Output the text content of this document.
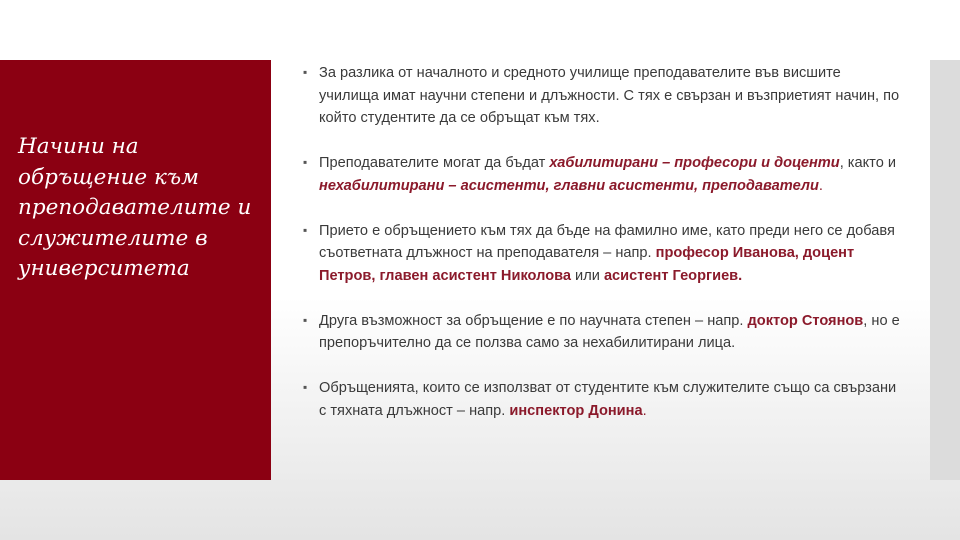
Начини на обръщение към преподавателите и служителите в университета
▪ За разлика от началното и средното училище преподавателите във висшите училища имат научни степени и длъжности. С тях е свързан и възприетият начин, по който студентите да се обръщат към тях.
▪ Преподавателите могат да бъдат хабилитирани – професори и доценти, както и нехабилитирани – асистенти, главни асистенти, преподаватели.
▪ Прието е обръщението към тях да бъде на фамилно име, като преди него се добавя съответната длъжност на преподавателя – напр. професор Иванова, доцент Петров, главен асистент Николова или асистент Георгиев.
▪ Друга възможност за обръщение е по научната степен – напр. доктор Стоянов, но е препоръчително да се ползва само за нехабилитирани лица.
▪ Обръщенията, които се използват от студентите към служителите също са свързани с тяхната длъжност – напр. инспектор Донина.
